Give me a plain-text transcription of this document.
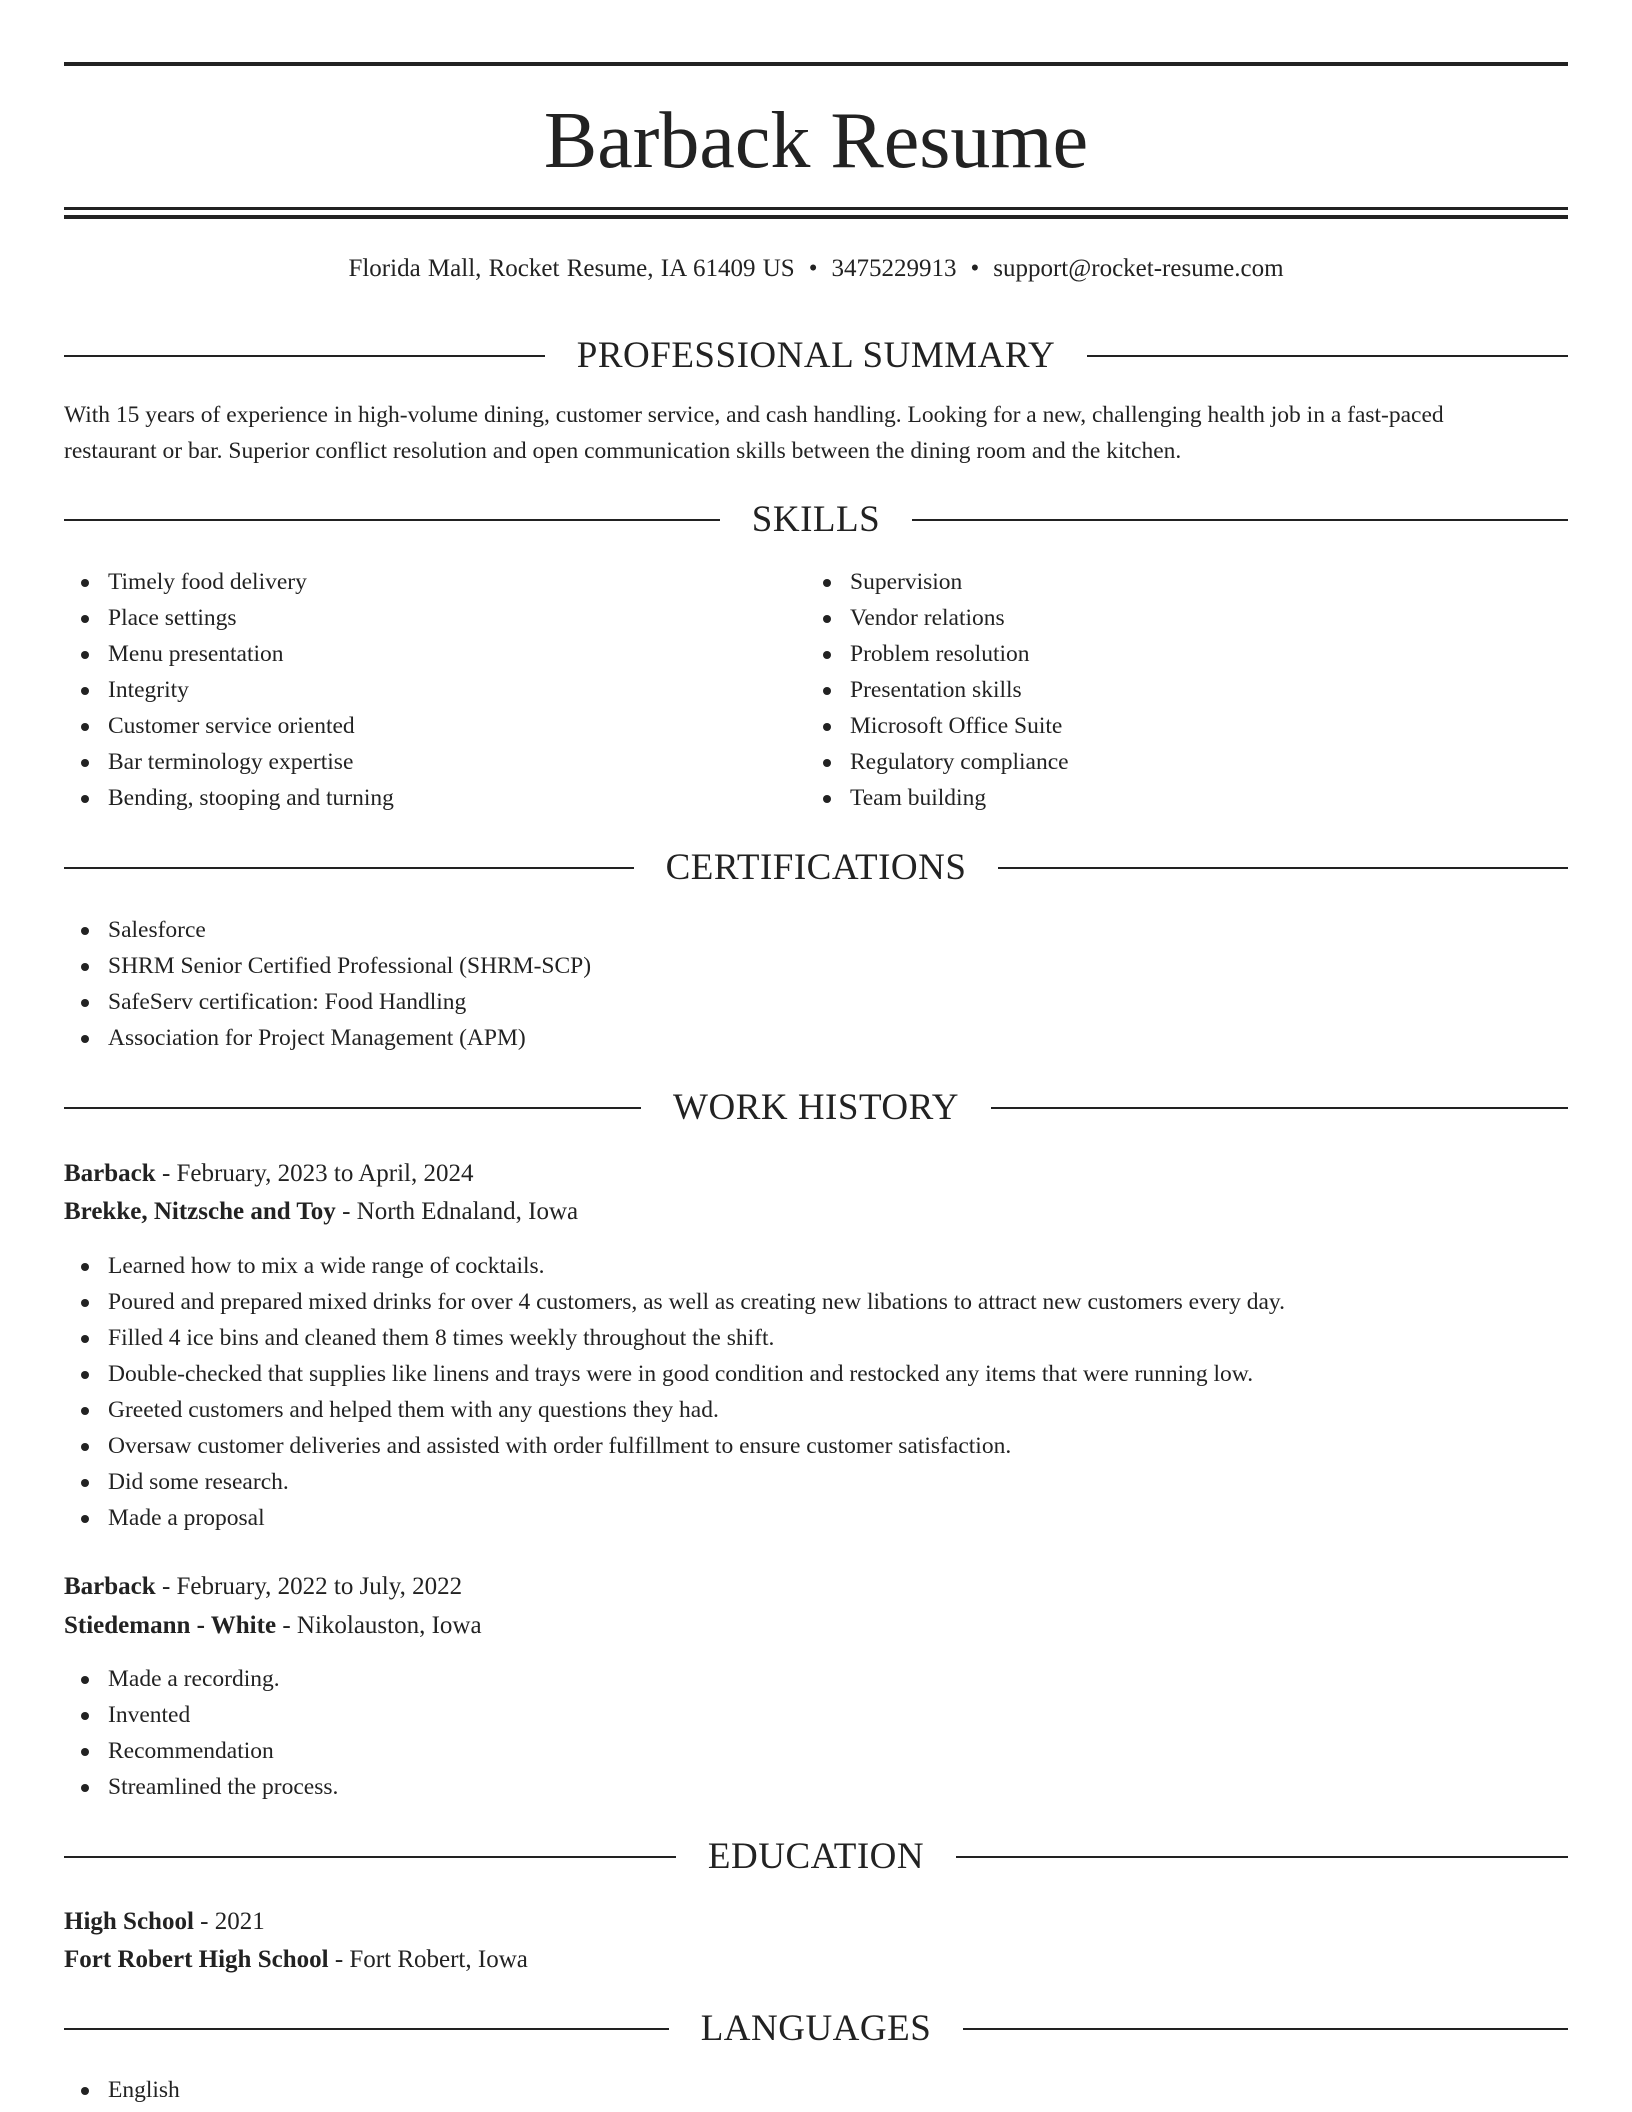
Barback Resume
Florida Mall, Rocket Resume, IA 61409 US • 3475229913 • support@rocket-resume.com
PROFESSIONAL SUMMARY
With 15 years of experience in high-volume dining, customer service, and cash handling. Looking for a new, challenging health job in a fast-paced
restaurant or bar. Superior conflict resolution and open communication skills between the dining room and the kitchen.
SKILLS
Timely food delivery
Place settings
Menu presentation
Integrity
Customer service oriented
Bar terminology expertise
Bending, stooping and turning
Supervision
Vendor relations
Problem resolution
Presentation skills
Microsoft Office Suite
Regulatory compliance
Team building
CERTIFICATIONS
Salesforce
SHRM Senior Certified Professional (SHRM-SCP)
SafeServ certification: Food Handling
Association for Project Management (APM)
WORK HISTORY
Barback - February, 2023 to April, 2024
Brekke, Nitzsche and Toy - North Ednaland, Iowa
Learned how to mix a wide range of cocktails.
Poured and prepared mixed drinks for over 4 customers, as well as creating new libations to attract new customers every day.
Filled 4 ice bins and cleaned them 8 times weekly throughout the shift.
Double-checked that supplies like linens and trays were in good condition and restocked any items that were running low.
Greeted customers and helped them with any questions they had.
Oversaw customer deliveries and assisted with order fulfillment to ensure customer satisfaction.
Did some research.
Made a proposal
Barback - February, 2022 to July, 2022
Stiedemann - White - Nikolauston, Iowa
Made a recording.
Invented
Recommendation
Streamlined the process.
EDUCATION
High School - 2021
Fort Robert High School - Fort Robert, Iowa
LANGUAGES
English
